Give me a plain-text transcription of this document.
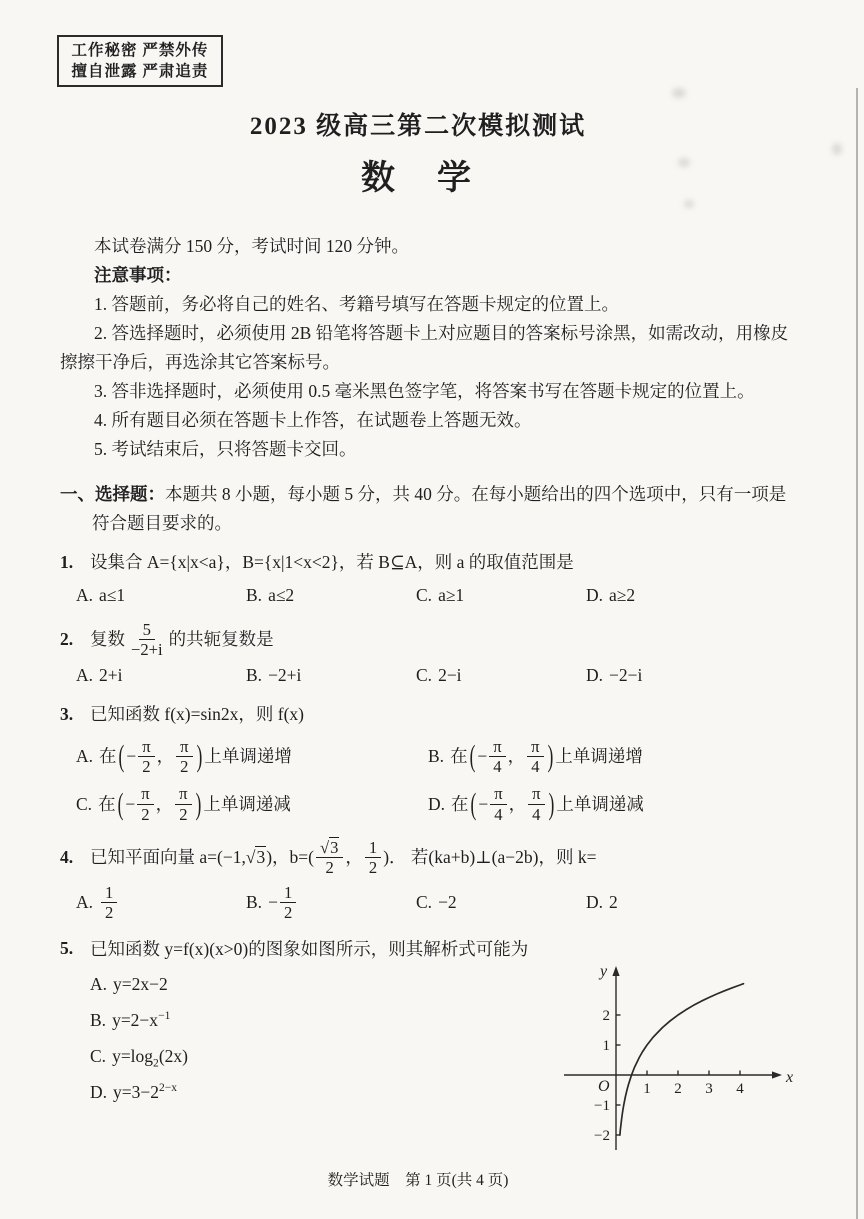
工作秘密 严禁外传
擅自泄露 严肃追责
2023 级高三第二次模拟测试
数　学

本试卷满分 150 分，考试时间 120 分钟。

注意事项：

1. 答题前，务必将自己的姓名、考籍号填写在答题卡规定的位置上。

2. 答选择题时，必须使用 2B 铅笔将答题卡上对应题目的答案标号涂黑，如需改动，用橡皮擦擦干净后，再选涂其它答案标号。

3. 答非选择题时，必须使用 0.5 毫米黑色签字笔，将答案书写在答题卡规定的位置上。

4. 所有题目必须在答题卡上作答，在试题卷上答题无效。

5. 考试结束后，只将答题卡交回。

一、选择题：本题共 8 小题，每小题 5 分，共 40 分。在每小题给出的四个选项中，只有一项是符合题目要求的。

1. 设集合 A={x|x<a}，B={x|1<x<2}，若 B⊆A，则 a 的取值范围是

A. a≤1	B. a≤2	C. a≥1	D. a≥2
2. 复数 $\frac{5}{-2+i}$ 的共轭复数是
A. 2+i	B. −2+i	C. 2−i	D. −2−i

3. 已知函数 f(x)=sin2x，则 f(x)

A. 在 ( − $\frac{\pi}{2}$ ， $\frac{\pi}{2}$ ) 上单调递增	B. 在 ( − $\frac{\pi}{4}$ ， $\frac{\pi}{4}$ ) 上单调递增
C. 在 ( − $\frac{\pi}{2}$ ， $\frac{\pi}{2}$ ) 上单调递减	D. 在 ( − $\frac{\pi}{4}$ ， $\frac{\pi}{4}$ ) 上单调递减
4. 已知平面向量 a=(−1, √3 )，$b=( \frac{√3}{2}$ ， $\frac{1}{2}$ )． 若(ka+b)⊥(a−2b)，则 k=
A. $\frac{1}{2}$	B. − $\frac{1}{2}$	C. −2	D. 2

5. 已知函数 y=f(x)(x>0)的图象如图所示，则其解析式可能为

A. y=2x−2

B. $y=2-x^{-1}$

C. $y=\log_2(2x)$

D. $y=3-2^{2-x}$

y
x
O 1 2 3 4
2
1
−1
−2
数学试题　第 1 页(共 4 页)
